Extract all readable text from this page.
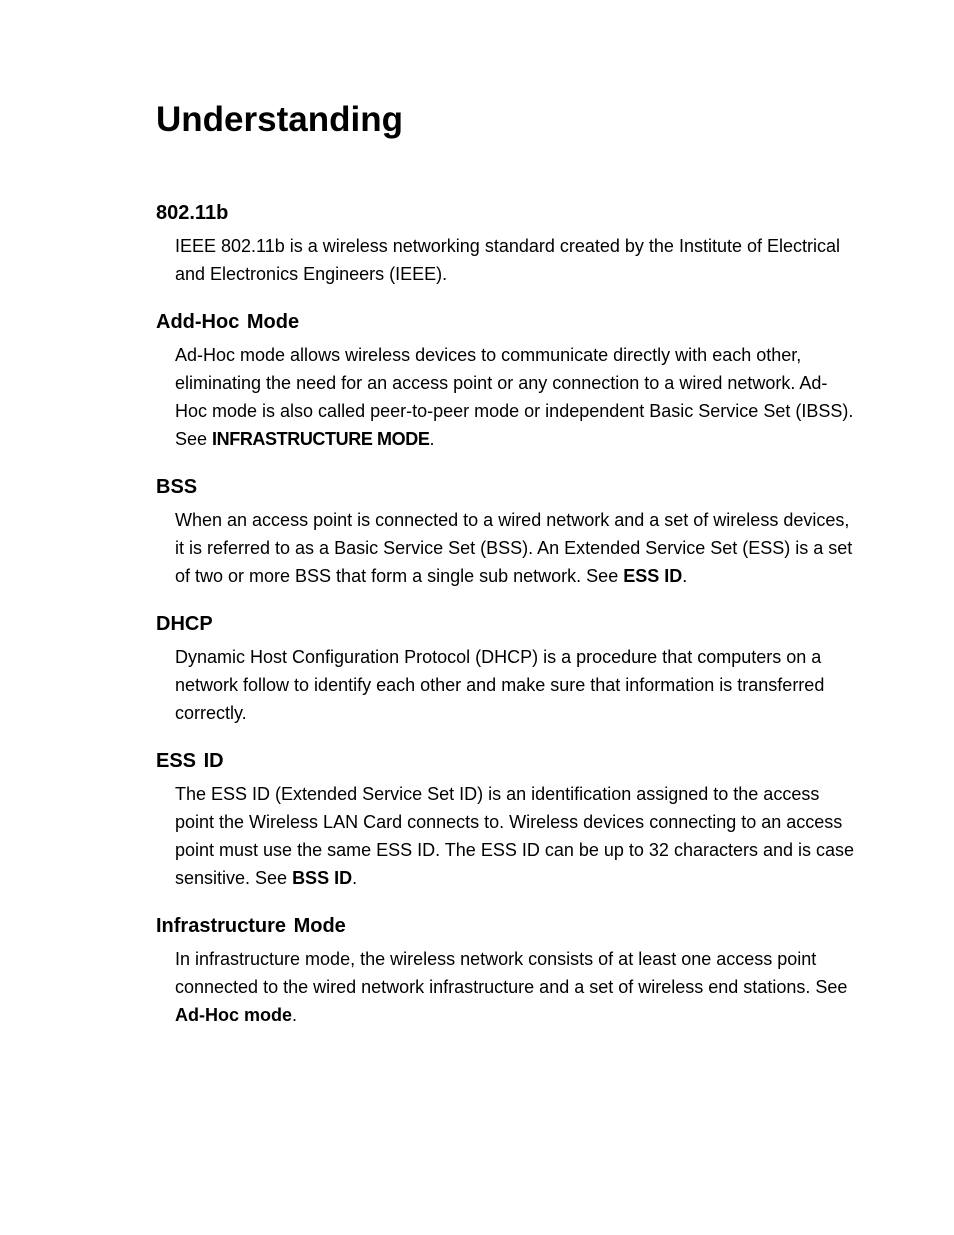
Understanding
802.11b

IEEE 802.11b is a wireless networking standard created by the Institute of Electrical and Electronics Engineers (IEEE).

Add-Hoc Mode

Ad-Hoc mode allows wireless devices to communicate directly with each other, eliminating the need for an access point or any connection to a wired network. Ad-Hoc mode is also called peer-to-peer mode or independent Basic Service Set (IBSS). See INFRASTRUCTURE MODE.

BSS

When an access point is connected to a wired network and a set of wireless devices, it is referred to as a Basic Service Set (BSS). An Extended Service Set (ESS) is a set of two or more BSS that form a single sub network. See ESS ID.

DHCP

Dynamic Host Configuration Protocol (DHCP) is a procedure that computers on a network follow to identify each other and make sure that information is transferred correctly.

ESS ID

The ESS ID (Extended Service Set ID) is an identification assigned to the access point the Wireless LAN Card connects to. Wireless devices connecting to an access point must use the same ESS ID. The ESS ID can be up to 32 characters and is case sensitive. See BSS ID.

Infrastructure Mode

In infrastructure mode, the wireless network consists of at least one access point connected to the wired network infrastructure and a set of wireless end stations. See Ad-Hoc mode.
